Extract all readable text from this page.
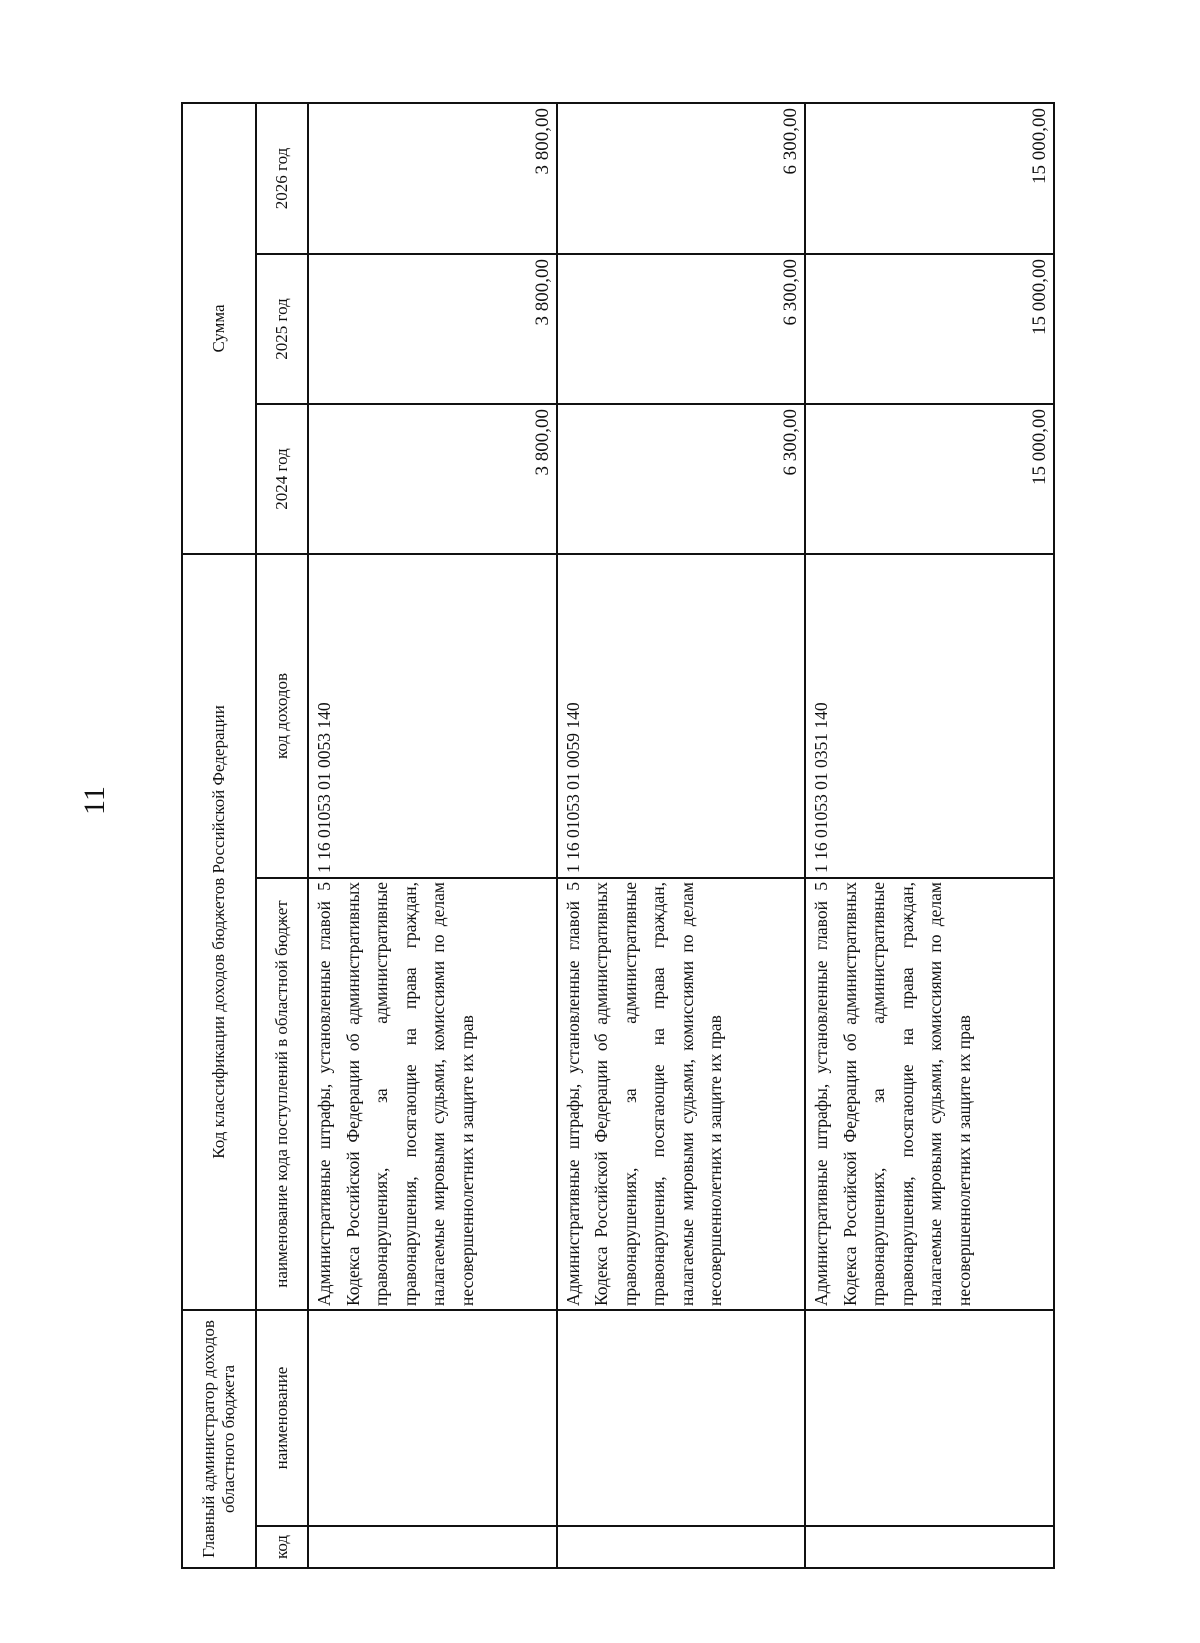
11
Главный администратор доходов областного бюджета		Код классификации доходов бюджетов Российской Федерации		Сумма		
код	наименование	наименование кода поступлений в областной бюджет	код доходов	2024 год	2025 год	2026 год
		Административные штрафы, установленные главой 5 Кодекса Российской Федерации об административных правонарушениях, за административные правонарушения, посягающие на права граждан, налагаемые мировыми судьями, комиссиями по делам несовершеннолетних и защите их прав	1 16 01053 01 0053 140	3 800,00	3 800,00	3 800,00
		Административные штрафы, установленные главой 5 Кодекса Российской Федерации об административных правонарушениях, за административные правонарушения, посягающие на права граждан, налагаемые мировыми судьями, комиссиями по делам несовершеннолетних и защите их прав	1 16 01053 01 0059 140	6 300,00	6 300,00	6 300,00
		Административные штрафы, установленные главой 5 Кодекса Российской Федерации об административных правонарушениях, за административные правонарушения, посягающие на права граждан, налагаемые мировыми судьями, комиссиями по делам несовершеннолетних и защите их прав	1 16 01053 01 0351 140	15 000,00	15 000,00	15 000,00
